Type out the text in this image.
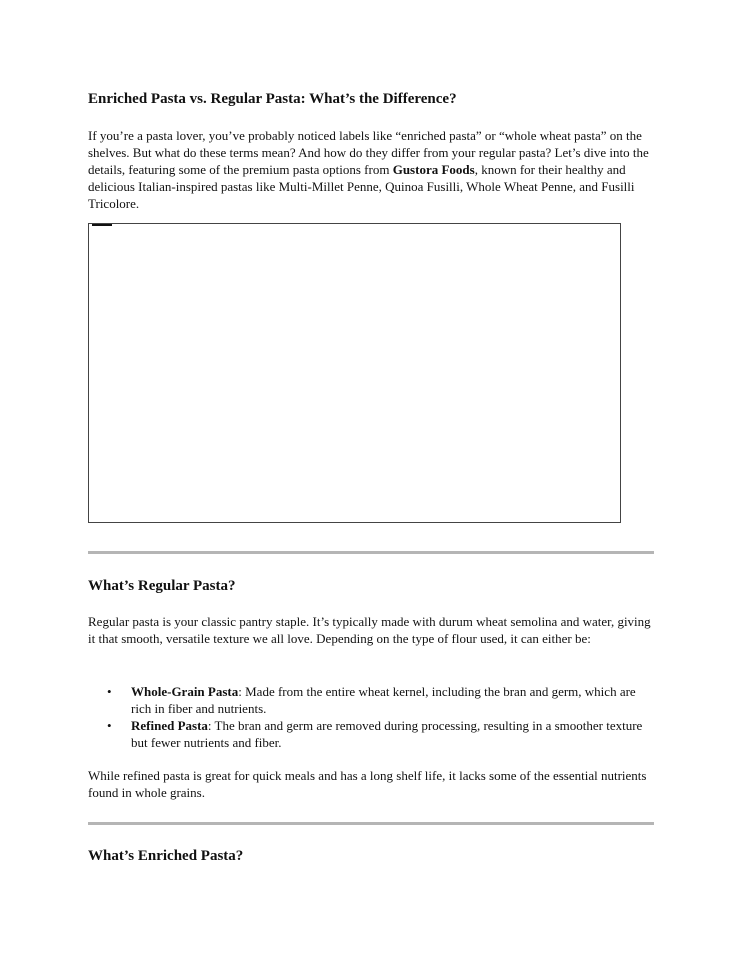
Enriched Pasta vs. Regular Pasta: What’s the Difference?

If you’re a pasta lover, you’ve probably noticed labels like “enriched pasta” or “whole wheat pasta” on the shelves. But what do these terms mean? And how do they differ from your regular pasta? Let’s dive into the details, featuring some of the premium pasta options from Gustora Foods, known for their healthy and delicious Italian-inspired pastas like Multi-Millet Penne, Quinoa Fusilli, Whole Wheat Penne, and Fusilli Tricolore.

What’s Regular Pasta?

Regular pasta is your classic pantry staple. It’s typically made with durum wheat semolina and water, giving it that smooth, versatile texture we all love. Depending on the type of flour used, it can either be:

• Whole-Grain Pasta: Made from the entire wheat kernel, including the bran and germ, which are rich in fiber and nutrients.
• Refined Pasta: The bran and germ are removed during processing, resulting in a smoother texture but fewer nutrients and fiber.

While refined pasta is great for quick meals and has a long shelf life, it lacks some of the essential nutrients found in whole grains.

What’s Enriched Pasta?
